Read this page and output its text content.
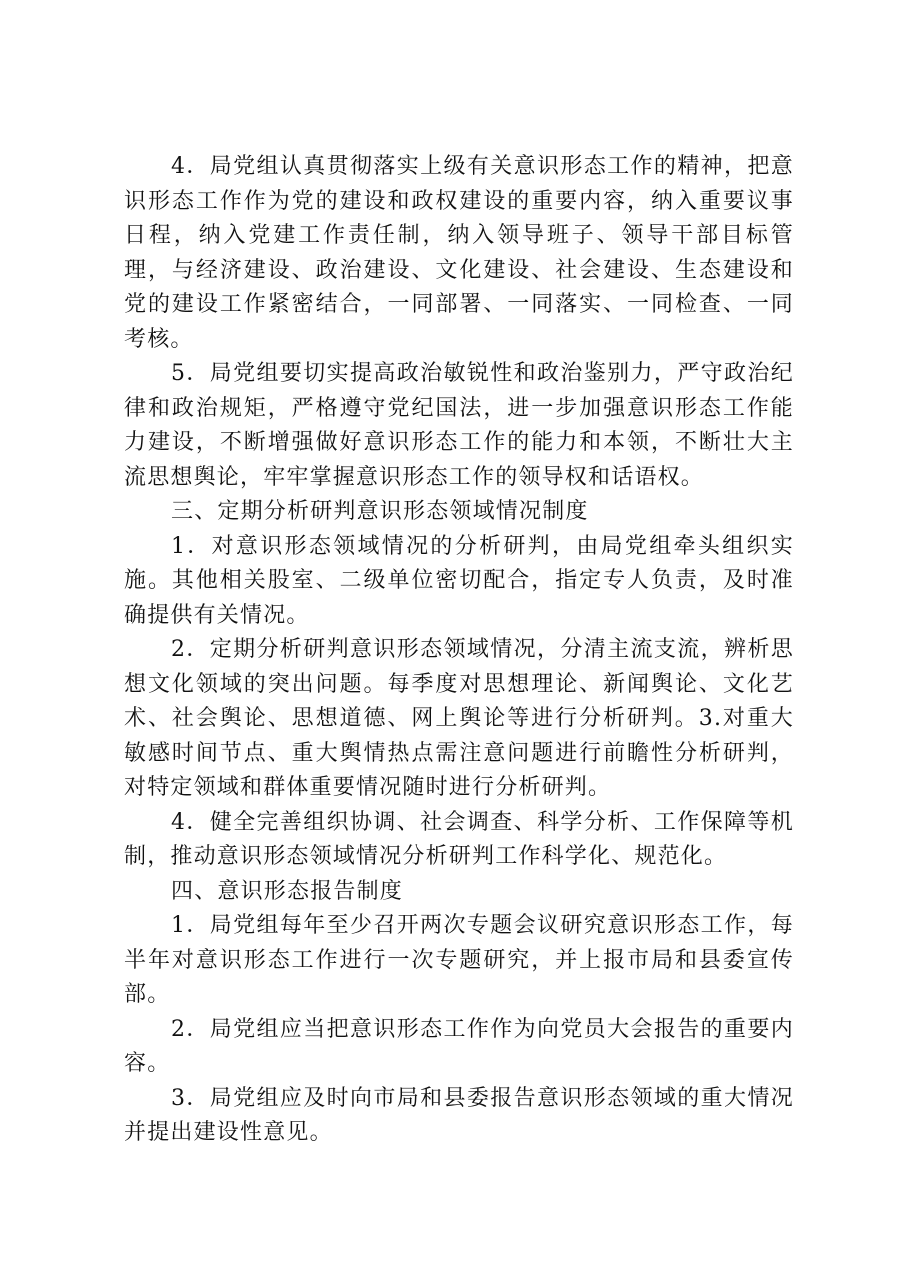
4．局党组认真贯彻落实上级有关意识形态工作的精神，把意识形态工作作为党的建设和政权建设的重要内容，纳入重要议事日程，纳入党建工作责任制，纳入领导班子、领导干部目标管理，与经济建设、政治建设、文化建设、社会建设、生态建设和党的建设工作紧密结合，一同部署、一同落实、一同检查、一同考核。

5．局党组要切实提高政治敏锐性和政治鉴别力，严守政治纪律和政治规矩，严格遵守党纪国法，进一步加强意识形态工作能力建设，不断增强做好意识形态工作的能力和本领，不断壮大主流思想舆论，牢牢掌握意识形态工作的领导权和话语权。

三、定期分析研判意识形态领域情况制度

1．对意识形态领域情况的分析研判，由局党组牵头组织实施。其他相关股室、二级单位密切配合，指定专人负责，及时准确提供有关情况。

2．定期分析研判意识形态领域情况，分清主流支流，辨析思想文化领域的突出问题。每季度对思想理论、新闻舆论、文化艺术、社会舆论、思想道德、网上舆论等进行分析研判。3.对重大敏感时间节点、重大舆情热点需注意问题进行前瞻性分析研判，对特定领域和群体重要情况随时进行分析研判。

4．健全完善组织协调、社会调查、科学分析、工作保障等机制，推动意识形态领域情况分析研判工作科学化、规范化。

四、意识形态报告制度

1．局党组每年至少召开两次专题会议研究意识形态工作，每半年对意识形态工作进行一次专题研究，并上报市局和县委宣传部。

2．局党组应当把意识形态工作作为向党员大会报告的重要内容。

3．局党组应及时向市局和县委报告意识形态领域的重大情况并提出建设性意见。
